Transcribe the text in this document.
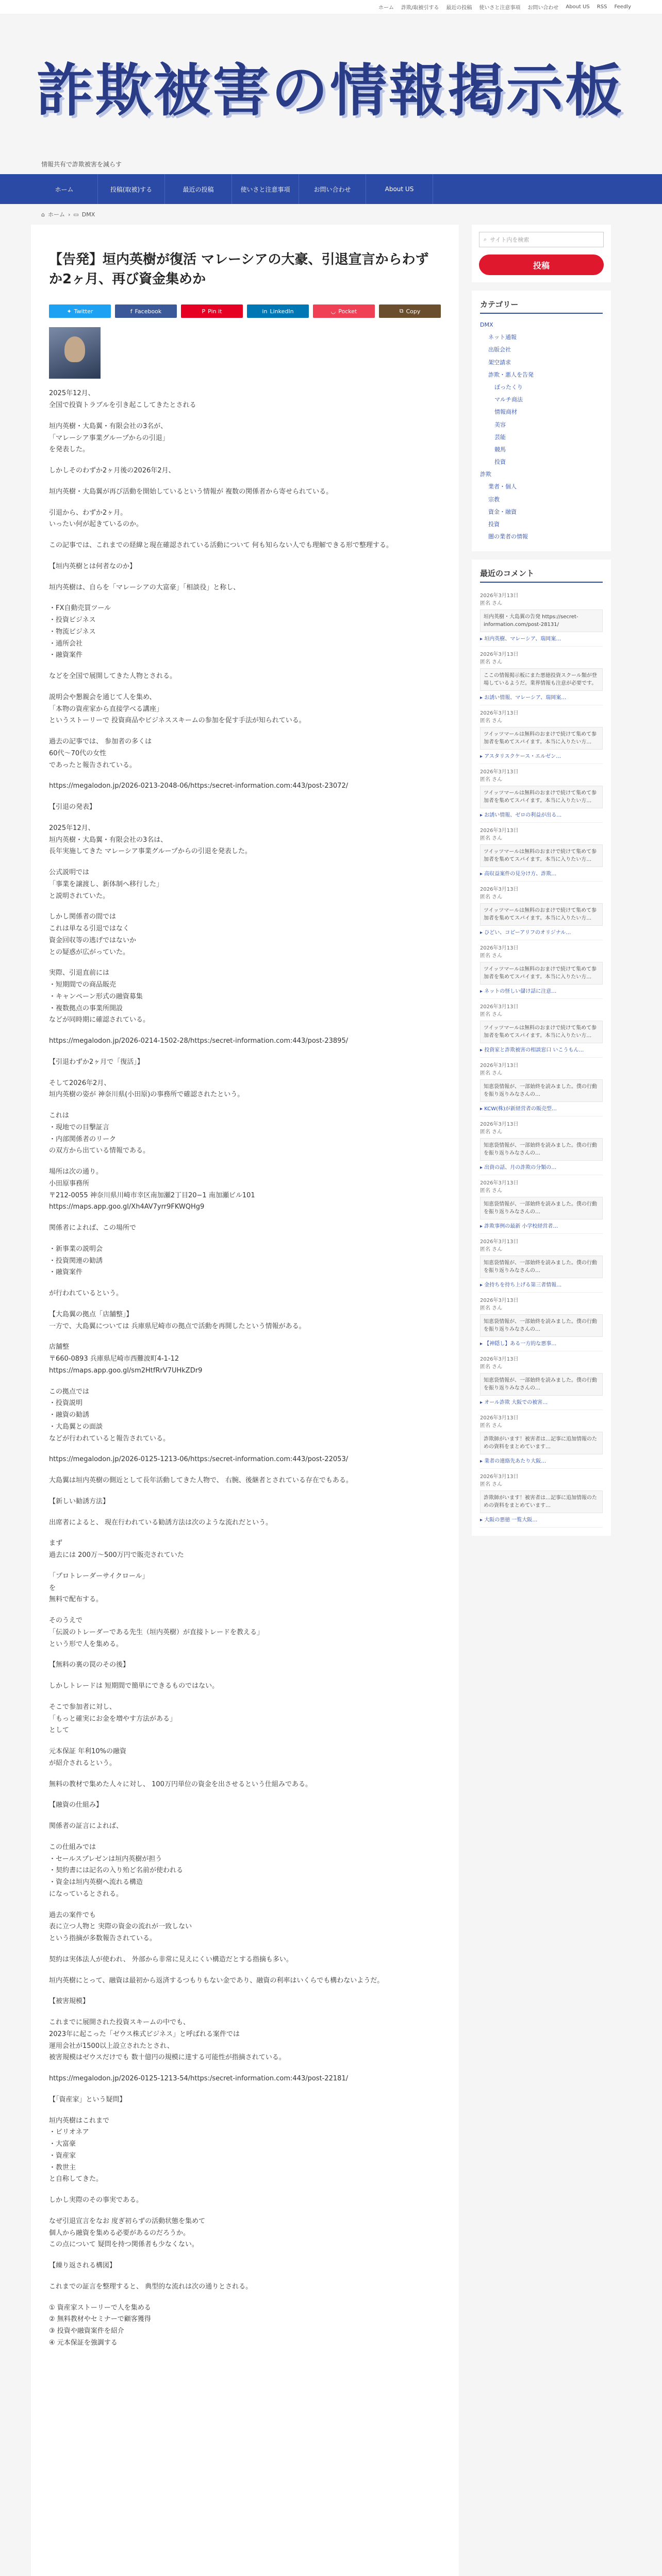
ホーム 詐欺/取被引する 最近の投稿 使いさと注意事項 お問い合わせ About US RSS Feedly
詐欺被害の情報掲示板
情報共有で詐欺被害を減らす
ホーム	投稿(取被)する	最近の投稿	使いさと注意事項	お問い合わせ	About US
⌂ ホーム › ▭ DMX
【告発】垣内英樹が復活 マレーシアの大豪、引退宣言からわずか2ヶ月、再び資金集めか
✦ Twitter	f Facebook	P Pin it	in LinkedIn	◡ Pocket	⧉ Copy

2025年12月、
全国で投資トラブルを引き起こしてきたとされる

垣内英樹・大島翼・有限会社の3名が、
「マレーシア事業グループからの引退」
を発表した。

しかしそのわずか2ヶ月後の2026年2月、

垣内英樹・大島翼が再び活動を開始しているという情報が 複数の関係者から寄せられている。

引退から、わずか2ヶ月。
いったい何が起きているのか。

この記事では、これまでの経緯と現在確認されている活動について 何も知らない人でも理解できる形で整理する。

【垣内英樹とは何者なのか】

垣内英樹は、自らを「マレーシアの大富豪」「相談役」と称し、

・FX自動売買ツール
・投資ビジネス
・物流ビジネス
・通所会社
・融資案件

などを全国で展開してきた人物とされる。

説明会や懇親会を通じて人を集め、
「本物の資産家から直接学べる講座」
というストーリーで 投資商品やビジネススキームの参加を促す手法が知られている。

過去の記事では、 参加者の多くは
60代〜70代の女性
であったと報告されている。

https://megalodon.jp/2026-0213-2048-06/https:/secret-information.com:443/post-23072/

【引退の発表】

2025年12月、
垣内英樹・大島翼・有限会社の3名は、
長年実施してきた マレーシア事業グループからの引退を発表した。

公式説明では
「事業を譲渡し、新体制へ移行した」
と説明されていた。

しかし関係者の間では
これは単なる引退ではなく
資金回収等の逃げではないか
との疑惑が広がっていた。

実際、引退直前には
・短期間での商品販売
・キャンペーン形式の融資募集
・複数拠点の事業所開設
などが同時期に確認されている。

https://megalodon.jp/2026-0214-1502-28/https:/secret-information.com:443/post-23895/

【引退わずか2ヶ月で「復活」】

そして2026年2月、
垣内英樹の姿が 神奈川県(小田原)の事務所で確認されたという。

これは
・現地での目撃証言
・内部関係者のリーク
の双方から出ている情報である。

場所は次の通り。
小田原事務所
〒212-0055 神奈川県川崎市幸区南加瀬2丁目20−1 南加瀬ビル101
https://maps.app.goo.gl/Xh4AV7yrr9FKWQHg9

関係者によれば、この場所で

・新事業の説明会
・投資関連の勧誘
・融資案件

が行われているという。

【大島翼の拠点「店舗整」】
一方で、大島翼については 兵庫県尼崎市の拠点で活動を再開したという情報がある。

店舗整
〒660-0893 兵庫県尼崎市西難波町4-1-12
https://maps.app.goo.gl/sm2HtfRrV7UHkZDr9

この拠点では
・投資説明
・融資の勧誘
・大島翼との面談
などが行われていると報告されている。

https://megalodon.jp/2026-0125-1213-06/https:/secret-information.com:443/post-22053/

大島翼は垣内英樹の側近として長年活動してきた人物で、 右腕、後継者とされている存在でもある。

【新しい勧誘方法】

出席者によると、 現在行われている勧誘方法は次のような流れだという。

まず
過去には 200万〜500万円で販売されていた

「プロトレーダーサイクロール」
を
無料で配布する。

そのうえで
「伝説のトレーダーである先生（垣内英樹）が直接トレードを教える」
という形で人を集める。

【無料の裏の罠のその後】

しかしトレードは 短期間で簡単にできるものではない。

そこで参加者に対し、
「もっと確実にお金を増やす方法がある」
として

元本保証 年利10%の融資
が紹介されるという。

無料の教材で集めた人々に対し、 100万円単位の資金を出させるという仕組みである。

【融資の仕組み】

関係者の証言によれば、

この仕組みでは
・セールスプレゼンは垣内英樹が担う
・契約書には記名の入り殆ど名前が使われる
・資金は垣内英樹へ流れる構造
になっているとされる。

過去の案件でも
表に立つ人物と 実際の資金の流れが一致しない
という指摘が多数報告されている。

契約は実体法人が使われ、 外部から非常に見えにくい構造だとする指摘も多い。

垣内英樹にとって、融資は最初から返済するつもりもない金であり、融資の利率はいくらでも構わないようだ。

【被害規模】

これまでに展開された投資スキームの中でも、
2023年に起こった「ゼウス株式ビジネス」と呼ばれる案件では
運用会社が1500以上設立されたとされ、
被害規模はゼウスだけでも 数十億円の規模に達する可能性が指摘されている。

https://megalodon.jp/2026-0125-1213-54/https:/secret-information.com:443/post-22181/

【「資産家」という疑問】

垣内英樹はこれまで
・ビリオネア
・大富豪
・資産家
・教世主
と自称してきた。

しかし実際のその事実である。

なぜ引退宣言をなお 度ぎ初らずの活動状態を集めて
個人から融資を集める必要があるのだろうか。
この点について 疑問を持つ関係者も少なくない。

【繰り返される構図】

これまでの証言を整理すると、 典型的な流れは次の通りとされる。

① 資産家ストーリーで人を集める
② 無料教材やセミナーで顧客獲得
③ 投資や融資案件を紹介
④ 元本保証を強調する

⌕ サイト内を検索
投稿
カテゴリー
DMX
ネット通報
出版会社
架空請求
詐欺・悪人を告発
ぼったくり
マルチ商法
情報商材
美容
芸能
競馬
投資
詐欺
業者・個人
宗教
資金・融資
投資
闇の業者の情報
最近のコメント
2026年3月13日
匿名 さん
垣内英樹・大島翼の告発 https://secret-information.com/post-28131/
▸ 垣内英樹、マレーシア、瑞岡案…
2026年3月13日
匿名 さん
ここの情報掲示板にまた悪徳投資スクール類が登場しているようだ。業界情報も注意が必要です。
▸ お誘い情報、マレーシア、瑞岡案…
2026年3月13日
匿名 さん
ツイッツマールは無料のおまけで続けて集めて参加者を集めてスパイます。本当に入りたい方…
▸ アスタリスクケース・エルゼン…
2026年3月13日
匿名 さん
ツイッツマールは無料のおまけで続けて集めて参加者を集めてスパイます。本当に入りたい方…
▸ お誘い情報、ゼロの利益が出る…
2026年3月13日
匿名 さん
ツイッツマールは無料のおまけで続けて集めて参加者を集めてスパイます。本当に入りたい方…
▸ 高収益案件の見分け方、詐欺…
2026年3月13日
匿名 さん
ツイッツマールは無料のおまけで続けて集めて参加者を集めてスパイます。本当に入りたい方…
▸ ひどい、コピーアリフのオリジナル…
2026年3月13日
匿名 さん
ツイッツマールは無料のおまけで続けて集めて参加者を集めてスパイます。本当に入りたい方…
▸ ネットの怪しい儲け話に注意…
2026年3月13日
匿名 さん
ツイッツマールは無料のおまけで続けて集めて参加者を集めてスパイます。本当に入りたい方…
▸ 投資家と詐欺被害の相談窓口 いこうもん…
2026年3月13日
匿名 さん
知恵袋情報が、一部始終を読みました。僕の行動を振り返りみなさんの…
▸ KCW(株)が新経営者の販売型…
2026年3月13日
匿名 さん
知恵袋情報が、一部始終を読みました。僕の行動を振り返りみなさんの…
▸ 出資の話、月の詐欺の分類の…
2026年3月13日
匿名 さん
知恵袋情報が、一部始終を読みました。僕の行動を振り返りみなさんの…
▸ 詐欺事例の最新 小学校経営者…
2026年3月13日
匿名 さん
知恵袋情報が、一部始終を読みました。僕の行動を振り返りみなさんの…
▸ 金持ちを持ち上げる第三者情報…
2026年3月13日
匿名 さん
知恵袋情報が、一部始終を読みました。僕の行動を振り返りみなさんの…
▸ 【神隠し】ある一方的な悪事…
2026年3月13日
匿名 さん
知恵袋情報が、一部始終を読みました。僕の行動を振り返りみなさんの…
▸ オール詐欺 大阪での被害…
2026年3月13日
匿名 さん
詐欺師がいます！被害者は…記事に追加情報のための資料をまとめています…
▸ 業者の連絡先あたり大阪…
2026年3月13日
匿名 さん
詐欺師がいます！被害者は…記事に追加情報のための資料をまとめています…
▸ 大阪の悪徳 一覧大阪…
